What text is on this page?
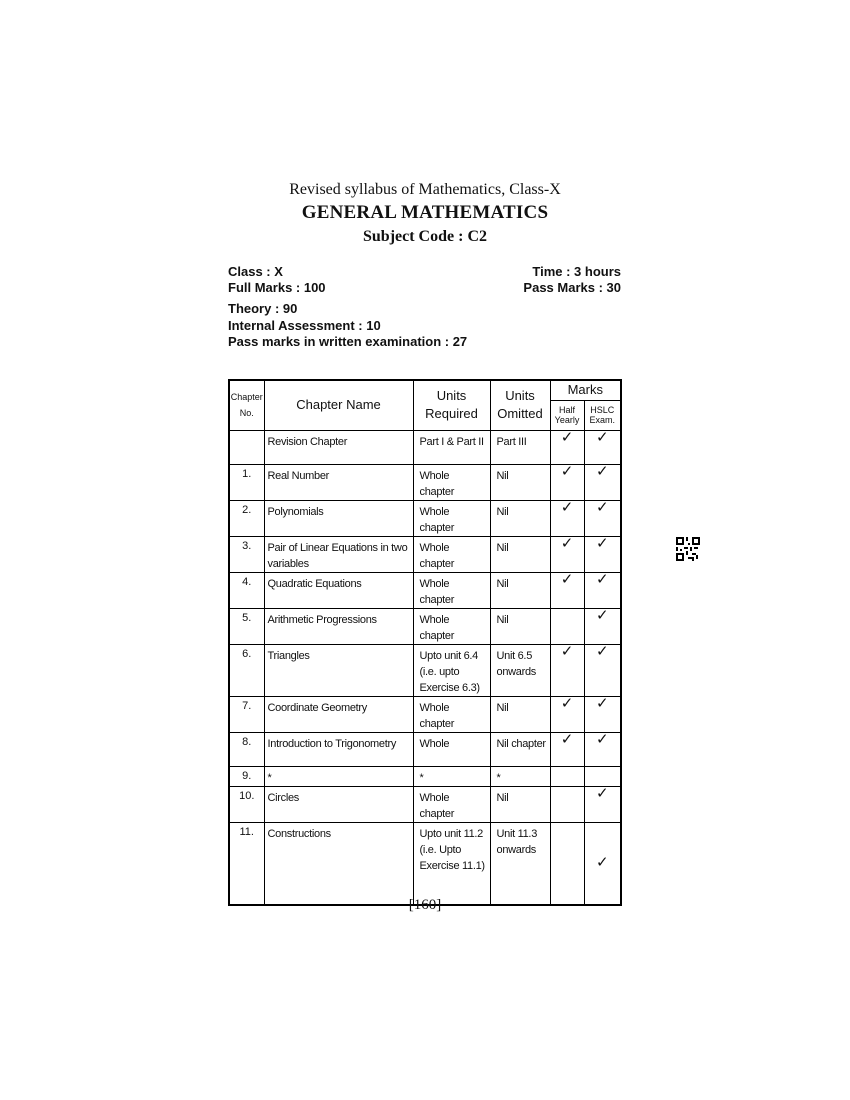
Revised syllabus of Mathematics, Class-X
GENERAL MATHEMATICS
Subject Code : C2
Class : X	Time : 3 hours
Full Marks : 100	Pass Marks : 30
Theory : 90
Internal Assessment : 10
Pass marks in written examination : 27
Chapter No.	Chapter Name	Units Required	Units Omitted	Marks	
				Half Yearly	HSLC Exam.
	Revision Chapter	Part I & Part II	Part III	✓	✓
1.	Real Number	Whole chapter	Nil	✓	✓
2.	Polynomials	Whole chapter	Nil	✓	✓
3.	Pair of Linear Equations in two variables	Whole chapter	Nil	✓	✓
4.	Quadratic Equations	Whole chapter	Nil	✓	✓
5.	Arithmetic Progressions	Whole chapter	Nil		✓
6.	Triangles	Upto unit 6.4 (i.e. upto Exercise 6.3)	Unit 6.5 onwards	✓	✓
7.	Coordinate Geometry	Whole chapter	Nil	✓	✓
8.	Introduction to Trigonometry	Whole	Nil chapter	✓	✓
9.	*	*	*		
10.	Circles	Whole chapter	Nil		✓
11.	Constructions	Upto unit 11.2 (i.e. Upto Exercise 11.1)	Unit 11.3 onwards		✓
[160]
